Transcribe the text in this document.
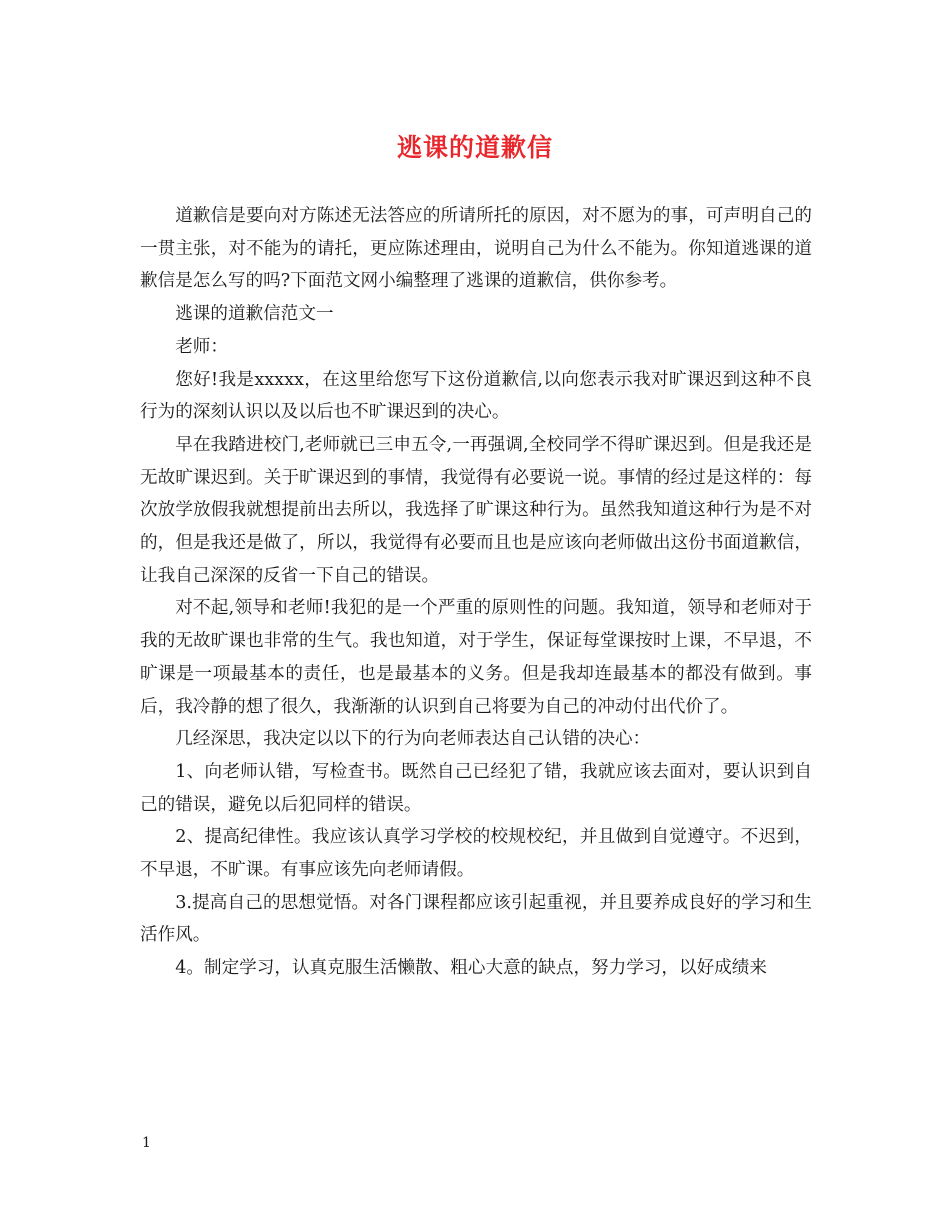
逃课的道歉信

道歉信是要向对方陈述无法答应的所请所托的原因，对不愿为的事，可声明自己的一贯主张，对不能为的请托，更应陈述理由，说明自己为什么不能为。你知道逃课的道歉信是怎么写的吗?下面范文网小编整理了逃课的道歉信，供你参考。

逃课的道歉信范文一

老师：

您好!我是xxxxx，在这里给您写下这份道歉信,以向您表示我对旷课迟到这种不良行为的深刻认识以及以后也不旷课迟到的决心。

早在我踏进校门,老师就已三申五令,一再强调,全校同学不得旷课迟到。但是我还是无故旷课迟到。关于旷课迟到的事情，我觉得有必要说一说。事情的经过是这样的：每次放学放假我就想提前出去所以，我选择了旷课这种行为。虽然我知道这种行为是不对的，但是我还是做了，所以，我觉得有必要而且也是应该向老师做出这份书面道歉信，让我自己深深的反省一下自己的错误。

对不起,领导和老师!我犯的是一个严重的原则性的问题。我知道，领导和老师对于我的无故旷课也非常的生气。我也知道，对于学生，保证每堂课按时上课，不早退，不旷课是一项最基本的责任，也是最基本的义务。但是我却连最基本的都没有做到。事后，我冷静的想了很久，我渐渐的认识到自己将要为自己的冲动付出代价了。

几经深思，我决定以以下的行为向老师表达自己认错的决心：

1、向老师认错，写检查书。既然自己已经犯了错，我就应该去面对，要认识到自己的错误，避免以后犯同样的错误。

2、提高纪律性。我应该认真学习学校的校规校纪，并且做到自觉遵守。不迟到，不早退，不旷课。有事应该先向老师请假。

3.提高自己的思想觉悟。对各门课程都应该引起重视，并且要养成良好的学习和生活作风。

4。制定学习，认真克服生活懒散、粗心大意的缺点，努力学习，以好成绩来

1
